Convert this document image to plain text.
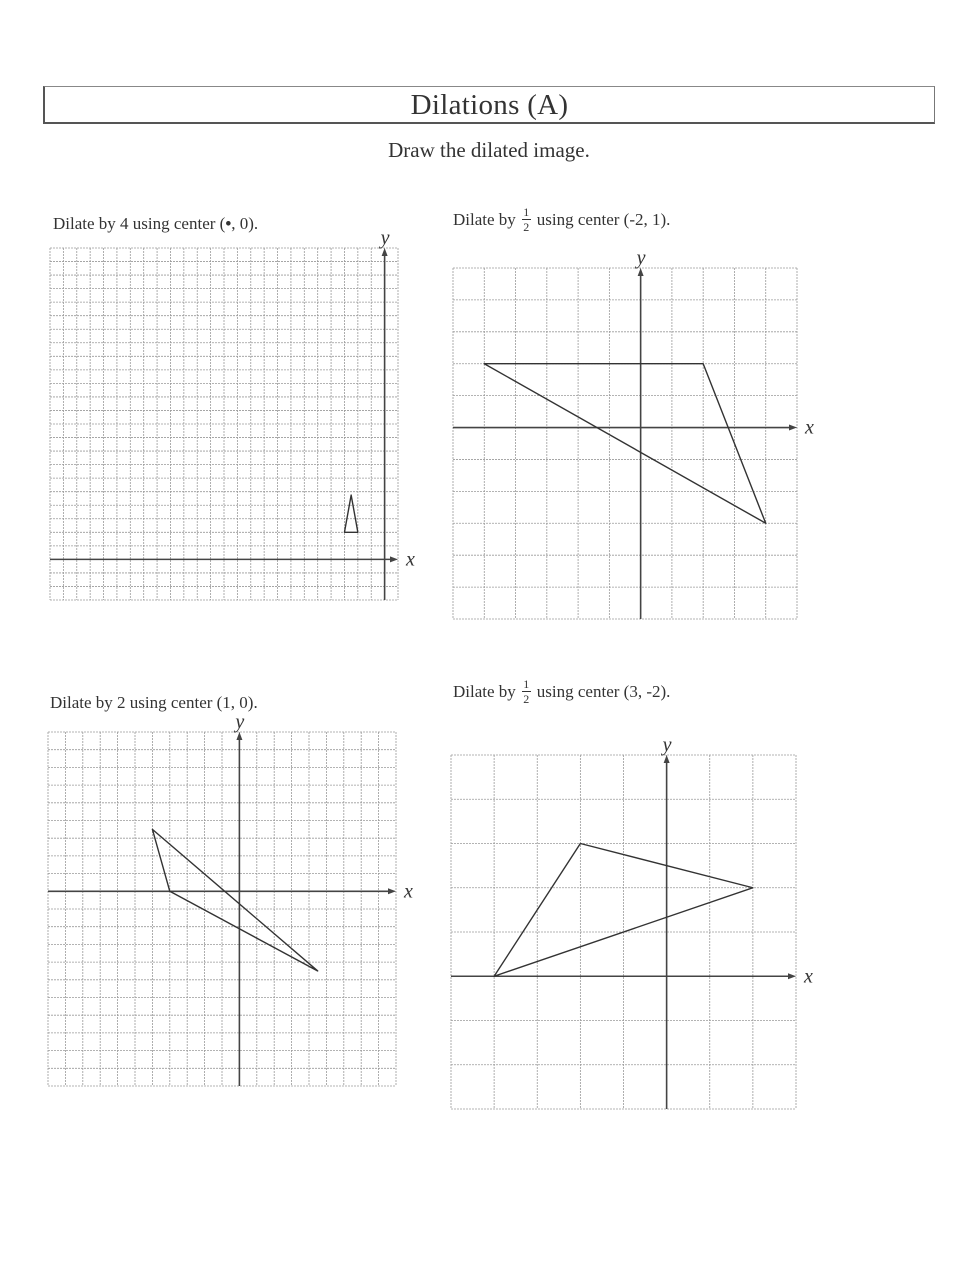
Dilations (A)
Draw the dilated image.
Dilate by 4 using center ( • , 0).
x
y
Dilate by $\frac{1}{2}$ using center (-2, 1).
x
y
Dilate by 2 using center (1, 0).
x
y
Dilate by $\frac{1}{2}$ using center (3, -2).
x
y
